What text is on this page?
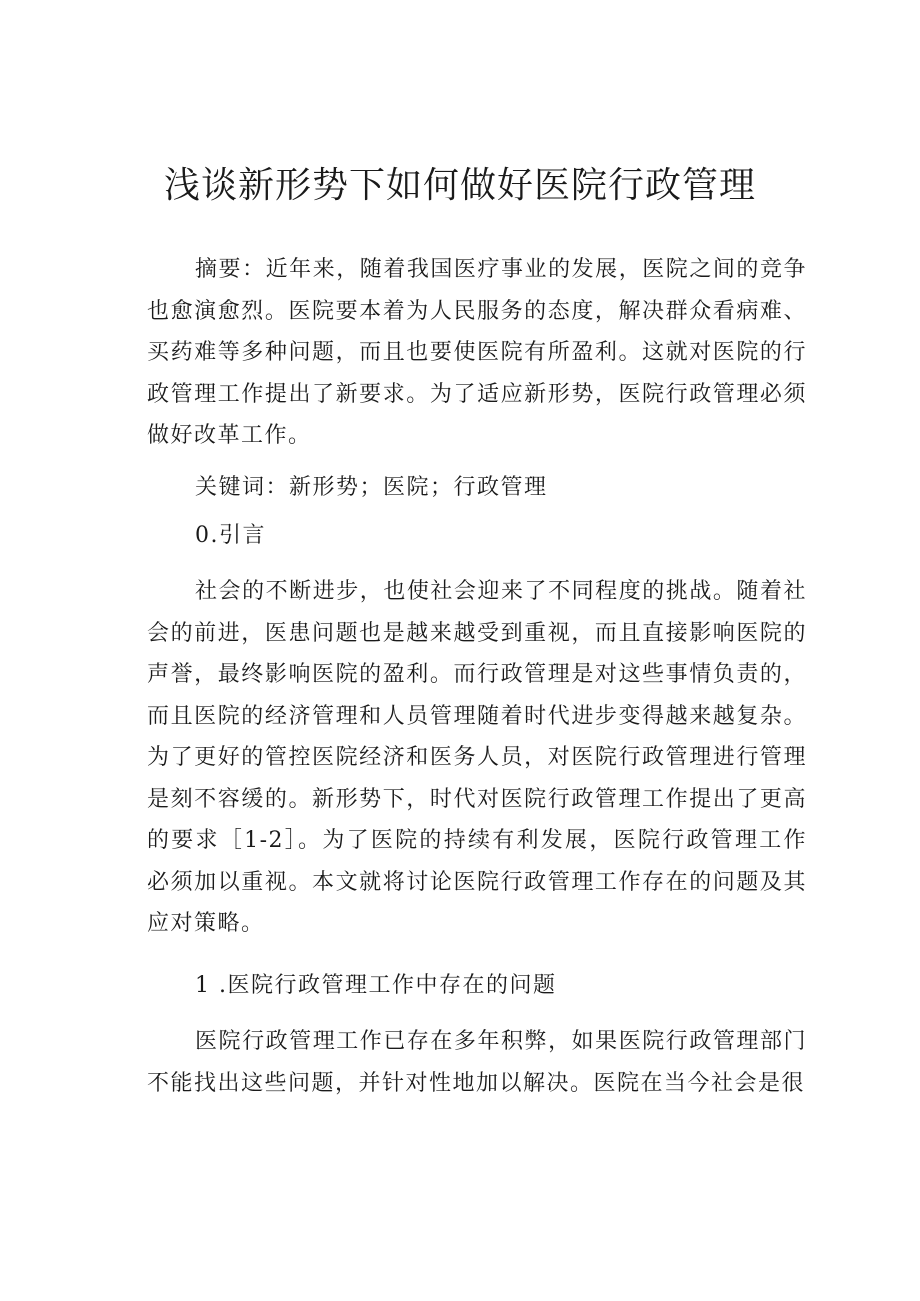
浅谈新形势下如何做好医院行政管理

摘要：近年来，随着我国医疗事业的发展，医院之间的竞争也愈演愈烈。医院要本着为人民服务的态度，解决群众看病难、买药难等多种问题，而且也要使医院有所盈利。这就对医院的行政管理工作提出了新要求。为了适应新形势，医院行政管理必须做好改革工作。

关键词：新形势；医院；行政管理

0.引言

社会的不断进步，也使社会迎来了不同程度的挑战。随着社会的前进，医患问题也是越来越受到重视，而且直接影响医院的声誉，最终影响医院的盈利。而行政管理是对这些事情负责的，而且医院的经济管理和人员管理随着时代进步变得越来越复杂。为了更好的管控医院经济和医务人员，对医院行政管理进行管理是刻不容缓的。新形势下，时代对医院行政管理工作提出了更高的要求［1-2］。为了医院的持续有利发展，医院行政管理工作必须加以重视。本文就将讨论医院行政管理工作存在的问题及其应对策略。

1 .医院行政管理工作中存在的问题

医院行政管理工作已存在多年积弊，如果医院行政管理部门不能找出这些问题，并针对性地加以解决。医院在当今社会是很
